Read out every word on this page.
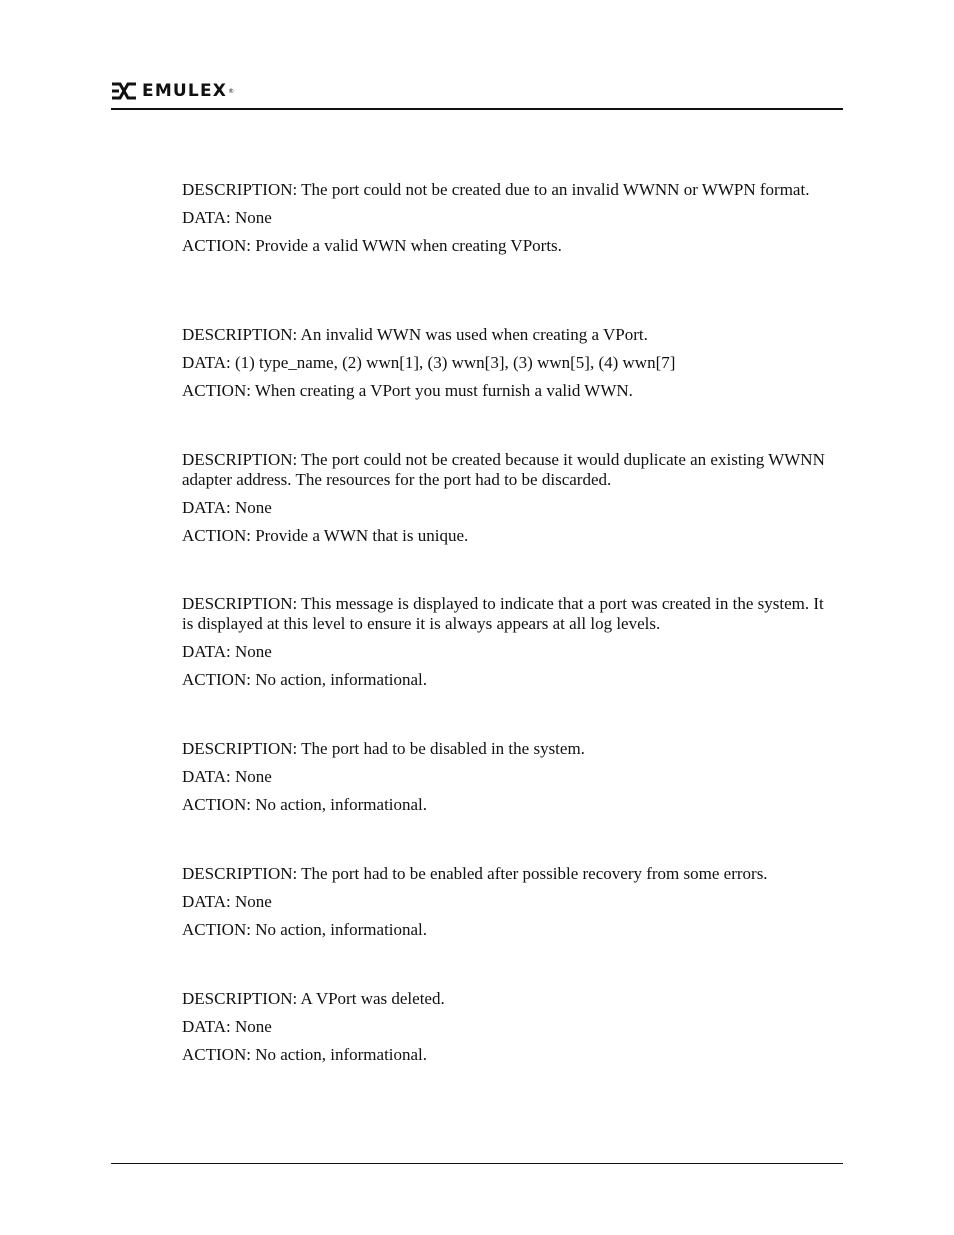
EMULEX ®

DESCRIPTION: The port could not be created due to an invalid WWNN or WWPN format.

DATA: None

ACTION: Provide a valid WWN when creating VPorts.

DESCRIPTION: An invalid WWN was used when creating a VPort.

DATA: (1) type_name, (2) wwn[1], (3) wwn[3], (3) wwn[5], (4) wwn[7]

ACTION: When creating a VPort you must furnish a valid WWN.

DESCRIPTION: The port could not be created because it would duplicate an existing WWNN adapter address. The resources for the port had to be discarded.

DATA: None

ACTION: Provide a WWN that is unique.

DESCRIPTION: This message is displayed to indicate that a port was created in the system. It is displayed at this level to ensure it is always appears at all log levels.

DATA: None

ACTION: No action, informational.

DESCRIPTION: The port had to be disabled in the system.

DATA: None

ACTION: No action, informational.

DESCRIPTION: The port had to be enabled after possible recovery from some errors.

DATA: None

ACTION: No action, informational.

DESCRIPTION: A VPort was deleted.

DATA: None

ACTION: No action, informational.
